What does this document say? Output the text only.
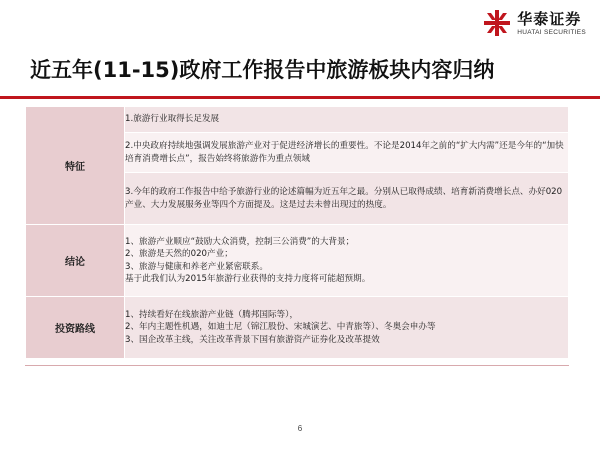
华泰证券
HUATAI SECURITIES
近五年(11-15)政府工作报告中旅游板块内容归纳
特征	1.旅游行业取得长足发展

	2.中央政府持续地强调发展旅游产业对于促进经济增长的重要性。不论是2014年之前的“扩大内需”还是今年的“加快培育消费增长点”，报告始终将旅游作为重点领域

	3.今年的政府工作报告中给予旅游行业的论述篇幅为近五年之最。分别从已取得成绩、培育新消费增长点、办好020产业、大力发展服务业等四个方面提及。这是过去未曾出现过的热度。

结论	1、旅游产业顺应“鼓励大众消费，控制三公消费”的大背景；

2、旅游是天然的020产业；

3、旅游与健康和养老产业紧密联系。

基于此我们认为2015年旅游行业获得的支持力度将可能超预期。

投资路线	1、持续看好在线旅游产业链（腾邦国际等），

2、年内主题性机遇，如迪士尼（锦江股份、宋城演艺、中青旅等）、冬奥会申办等

3、国企改革主线，关注改革背景下国有旅游资产证券化及改革提效

6
